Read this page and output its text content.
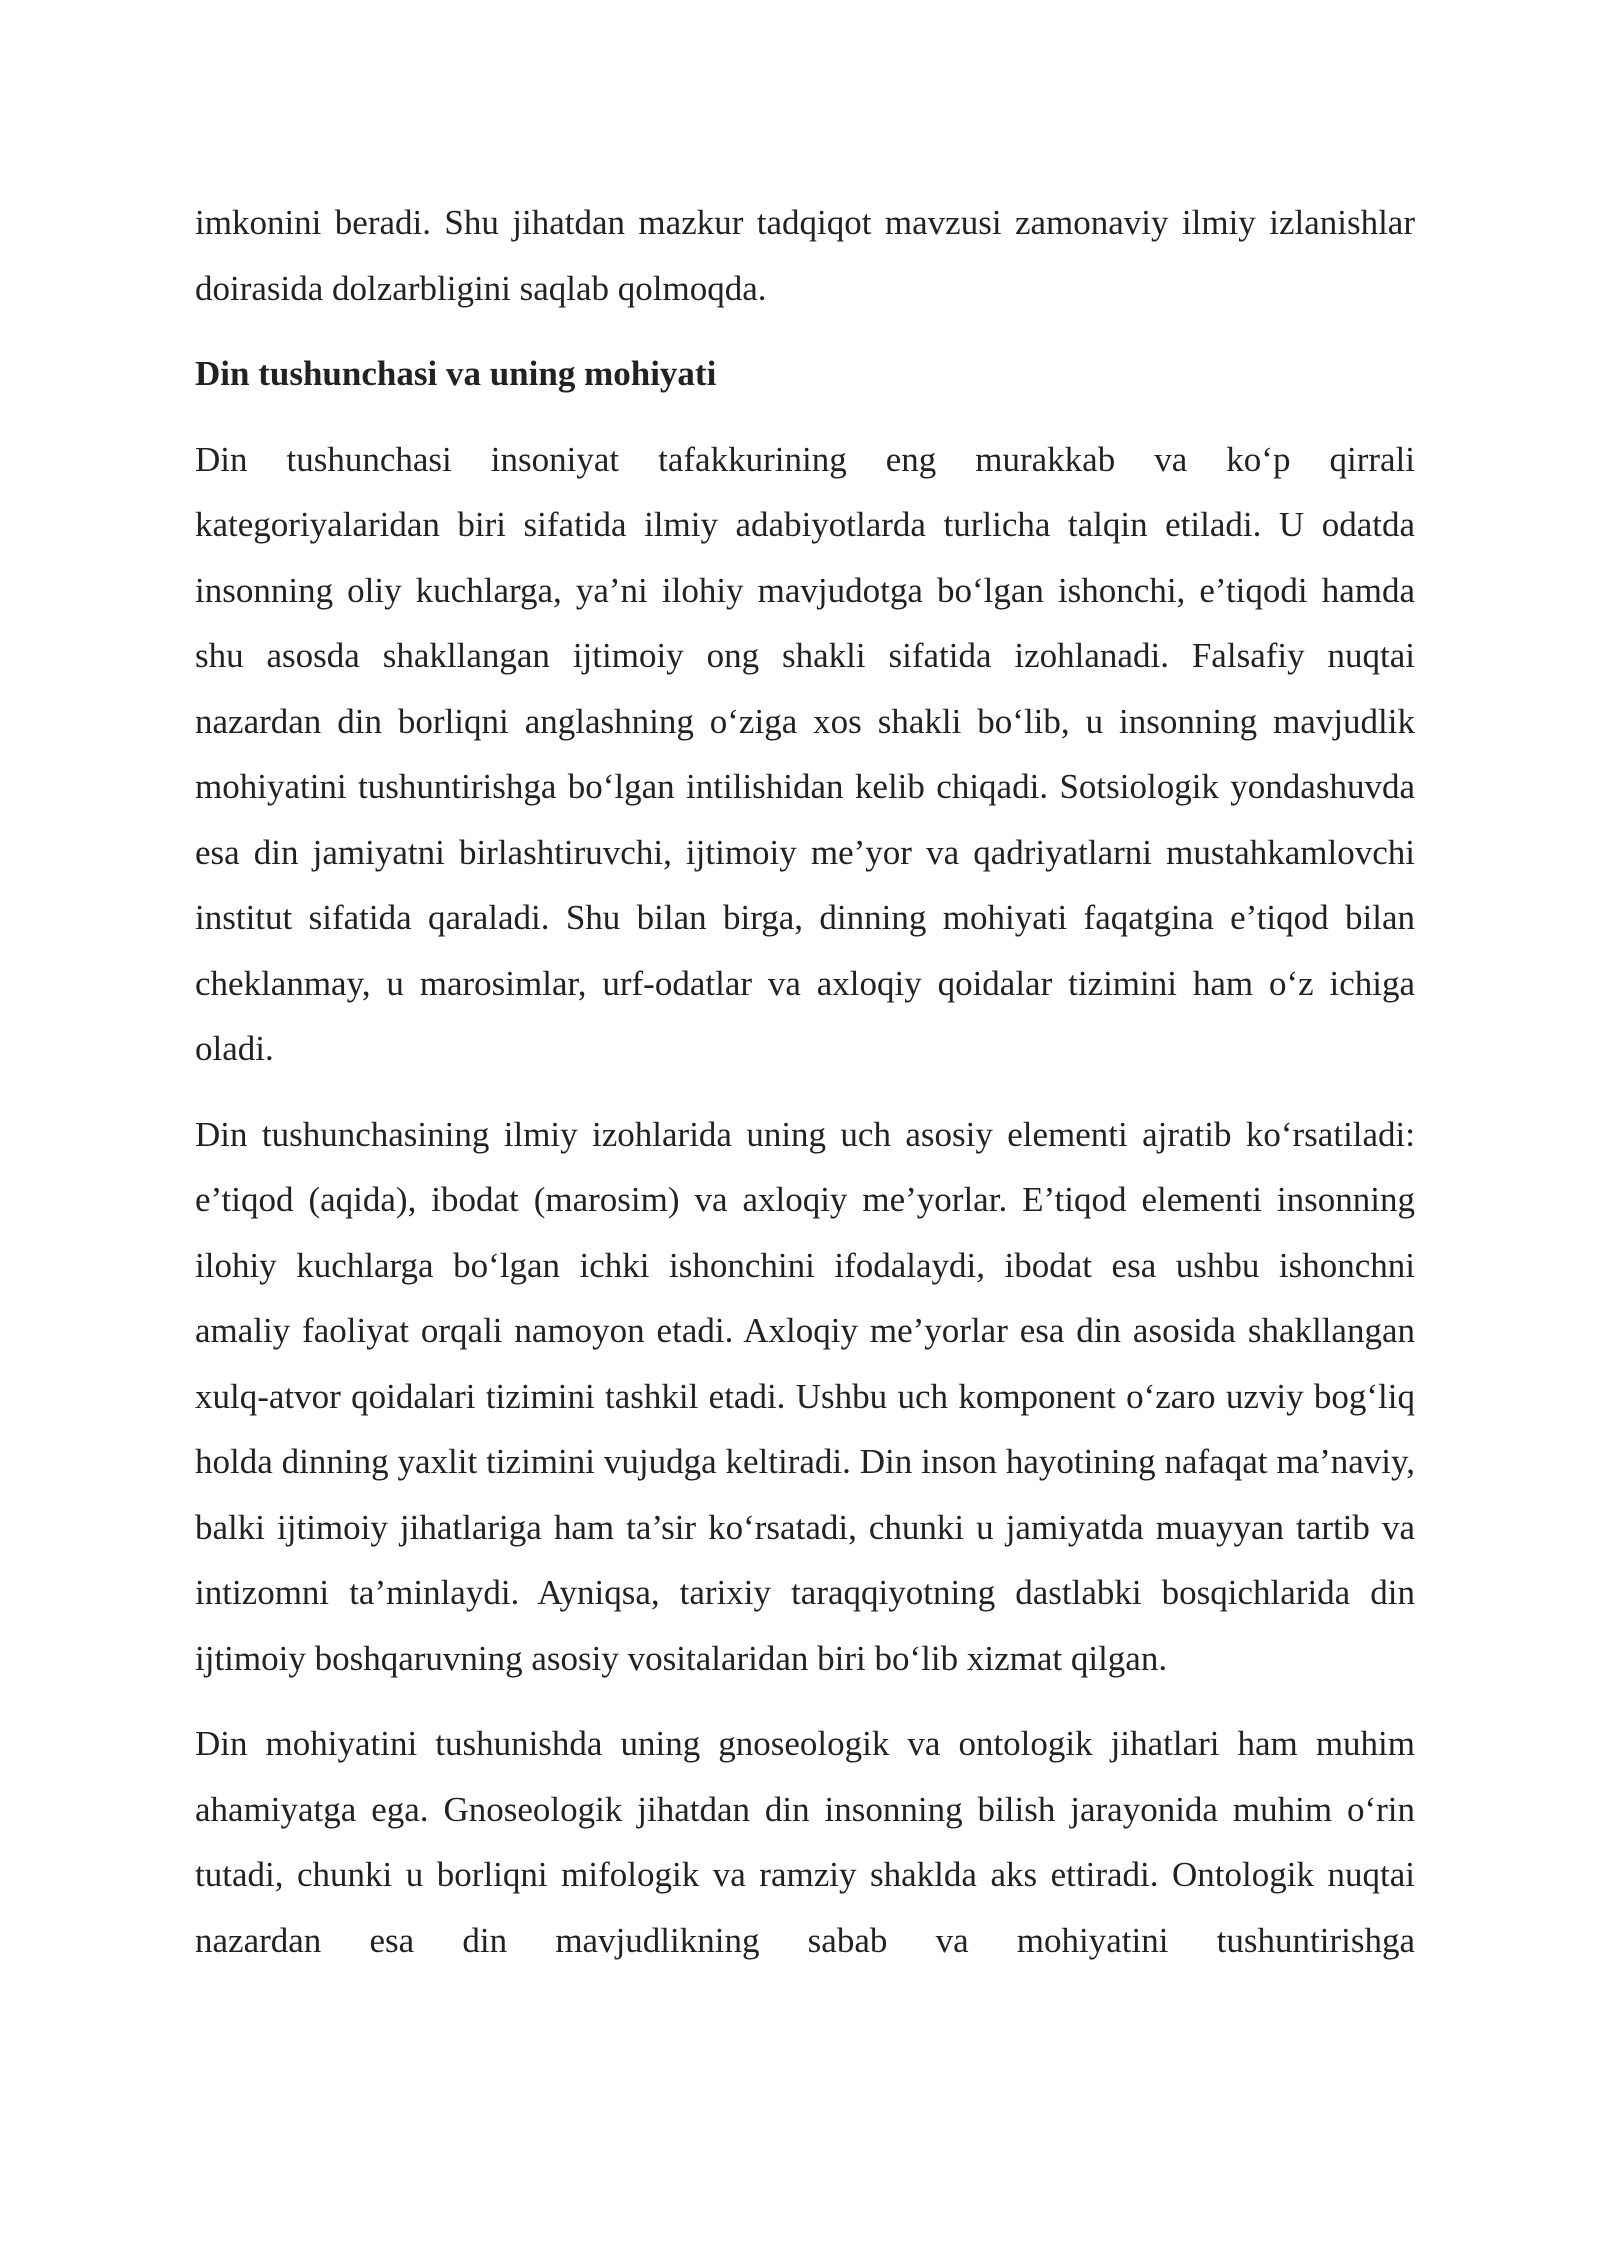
imkonini beradi. Shu jihatdan mazkur tadqiqot mavzusi zamonaviy ilmiy izlanishlar doirasida dolzarbligini saqlab qolmoqda.

Din tushunchasi va uning mohiyati

Din tushunchasi insoniyat tafakkurining eng murakkab va ko‘p qirrali kategoriyalaridan biri sifatida ilmiy adabiyotlarda turlicha talqin etiladi. U odatda insonning oliy kuchlarga, ya’ni ilohiy mavjudotga bo‘lgan ishonchi, e’tiqodi hamda shu asosda shakllangan ijtimoiy ong shakli sifatida izohlanadi. Falsafiy nuqtai nazardan din borliqni anglashning o‘ziga xos shakli bo‘lib, u insonning mavjudlik mohiyatini tushuntirishga bo‘lgan intilishidan kelib chiqadi. Sotsiologik yondashuvda esa din jamiyatni birlashtiruvchi, ijtimoiy me’yor va qadriyatlarni mustahkamlovchi institut sifatida qaraladi. Shu bilan birga, dinning mohiyati faqatgina e’tiqod bilan cheklanmay, u marosimlar, urf-odatlar va axloqiy qoidalar tizimini ham o‘z ichiga oladi.

Din tushunchasining ilmiy izohlarida uning uch asosiy elementi ajratib ko‘rsatiladi: e’tiqod (aqida), ibodat (marosim) va axloqiy me’yorlar. E’tiqod elementi insonning ilohiy kuchlarga bo‘lgan ichki ishonchini ifodalaydi, ibodat esa ushbu ishonchni amaliy faoliyat orqali namoyon etadi. Axloqiy me’yorlar esa din asosida shakllangan xulq-atvor qoidalari tizimini tashkil etadi. Ushbu uch komponent o‘zaro uzviy bog‘liq holda dinning yaxlit tizimini vujudga keltiradi. Din inson hayotining nafaqat ma’naviy, balki ijtimoiy jihatlariga ham ta’sir ko‘rsatadi, chunki u jamiyatda muayyan tartib va intizomni ta’minlaydi. Ayniqsa, tarixiy taraqqiyotning dastlabki bosqichlarida din ijtimoiy boshqaruvning asosiy vositalaridan biri bo‘lib xizmat qilgan.

Din mohiyatini tushunishda uning gnoseologik va ontologik jihatlari ham muhim ahamiyatga ega. Gnoseologik jihatdan din insonning bilish jarayonida muhim o‘rin tutadi, chunki u borliqni mifologik va ramziy shaklda aks ettiradi. Ontologik nuqtai nazardan esa din mavjudlikning sabab va mohiyatini tushuntirishga
